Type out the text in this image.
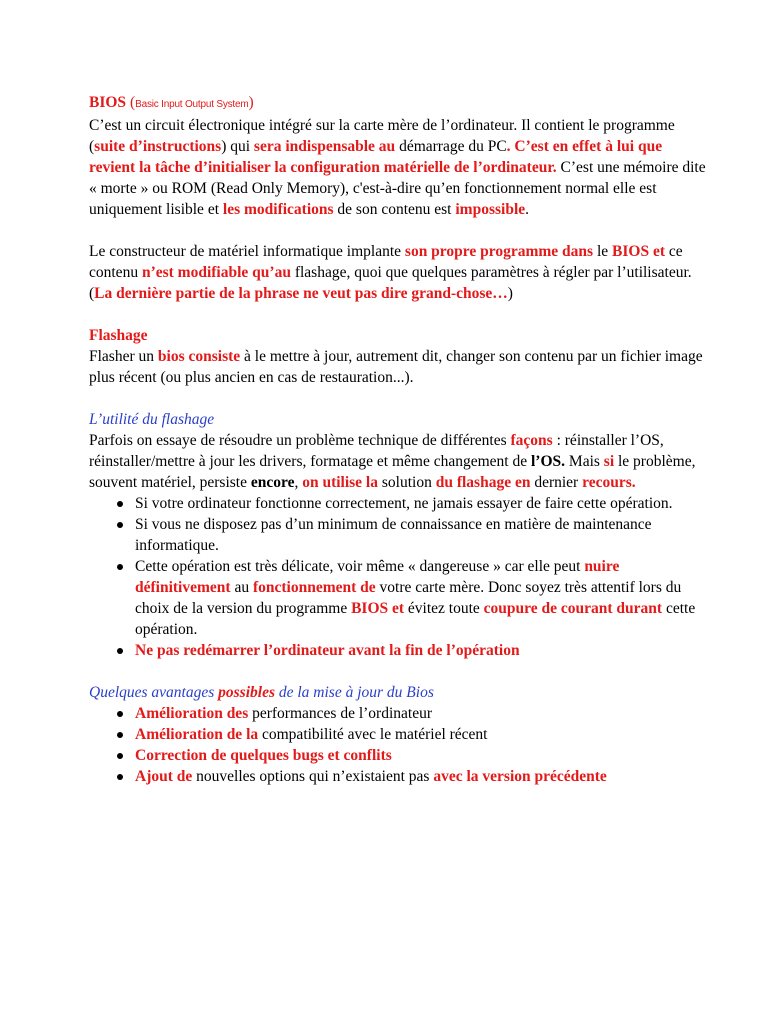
BIOS (Basic Input Output System)

C’est un circuit électronique intégré sur la carte mère de l’ordinateur. Il contient le programme (suite d’instructions) qui sera indispensable au démarrage du PC. C’est en effet à lui que revient la tâche d’initialiser la configuration matérielle de l’ordinateur. C’est une mémoire dite « morte » ou ROM (Read Only Memory), c'est-à-dire qu’en fonctionnement normal elle est uniquement lisible et les modifications de son contenu est impossible.

Le constructeur de matériel informatique implante son propre programme dans le BIOS et ce contenu n’est modifiable qu’au flashage, quoi que quelques paramètres à régler par l’utilisateur. (La dernière partie de la phrase ne veut pas dire grand-chose…)

Flashage

Flasher un bios consiste à le mettre à jour, autrement dit, changer son contenu par un fichier image plus récent (ou plus ancien en cas de restauration...).

L’utilité du flashage

Parfois on essaye de résoudre un problème technique de différentes façons : réinstaller l’OS, réinstaller/mettre à jour les drivers, formatage et même changement de l’OS. Mais si le problème, souvent matériel, persiste encore, on utilise la solution du flashage en dernier recours.

Si votre ordinateur fonctionne correctement, ne jamais essayer de faire cette opération.
Si vous ne disposez pas d’un minimum de connaissance en matière de maintenance informatique.
Cette opération est très délicate, voir même « dangereuse » car elle peut nuire définitivement au fonctionnement de votre carte mère. Donc soyez très attentif lors du choix de la version du programme BIOS et évitez toute coupure de courant durant cette opération.
Ne pas redémarrer l’ordinateur avant la fin de l’opération

Quelques avantages possibles de la mise à jour du Bios

Amélioration des performances de l’ordinateur
Amélioration de la compatibilité avec le matériel récent
Correction de quelques bugs et conflits
Ajout de nouvelles options qui n’existaient pas avec la version précédente
